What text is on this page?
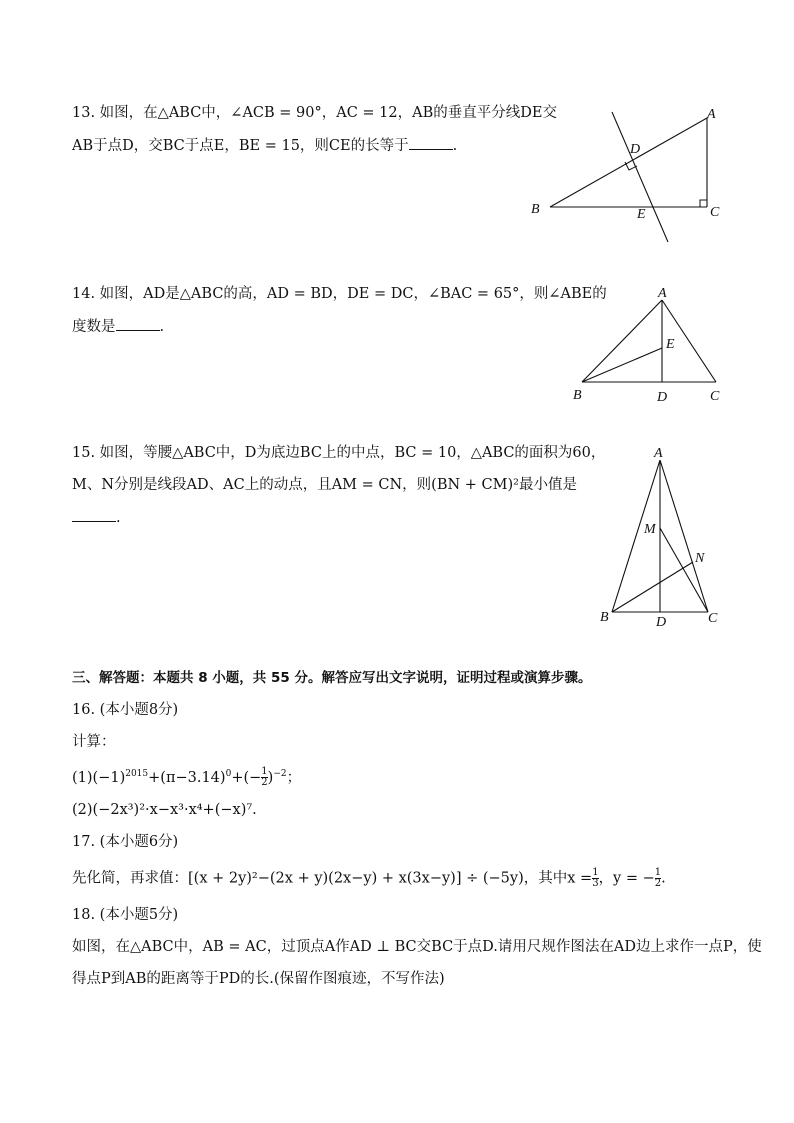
13. 如图，在△ABC中，∠ACB = 90°，AC = 12，AB的垂直平分线DE交
AB于点D，交BC于点E，BE = 15，则CE的长等于	.
A
B	C
D
E
14. 如图，AD是△ABC的高，AD = BD，DE = DC，∠BAC = 65°，则∠ABE的
度数是	.
A
B	C
D
E
15. 如图，等腰△ABC中，D为底边BC上的中点，BC = 10，△ABC的面积为60，
M、N分别是线段AD、AC上的动点，且AM = CN，则(BN + CM)²最小值是
.
A
B	C
D
M
N
三、解答题：本题共 8 小题，共 55 分。解答应写出文字说明，证明过程或演算步骤。
16. (本小题8分)
计算：
$(1)(-1)^{2015}+(\pi-3.14)^0+(- \frac{1}{2} )^{-2}$；
(2)(−2x³)²·x−x³·x⁴+(−x)⁷.
17. (本小题6分)
先化简，再求值：[(x + 2y)²−(2x + y)(2x−y) + x(3x−y)] ÷ (−5y)，其中$x = \frac{1}{3}$ ，y = − $\frac{1}{2}$ .
18. (本小题5分)
如图，在△ABC中，AB = AC，过顶点A作AD ⊥ BC交BC于点D.请用尺规作图法在AD边上求作一点P，使
得点P到AB的距离等于PD的长.(保留作图痕迹，不写作法)
